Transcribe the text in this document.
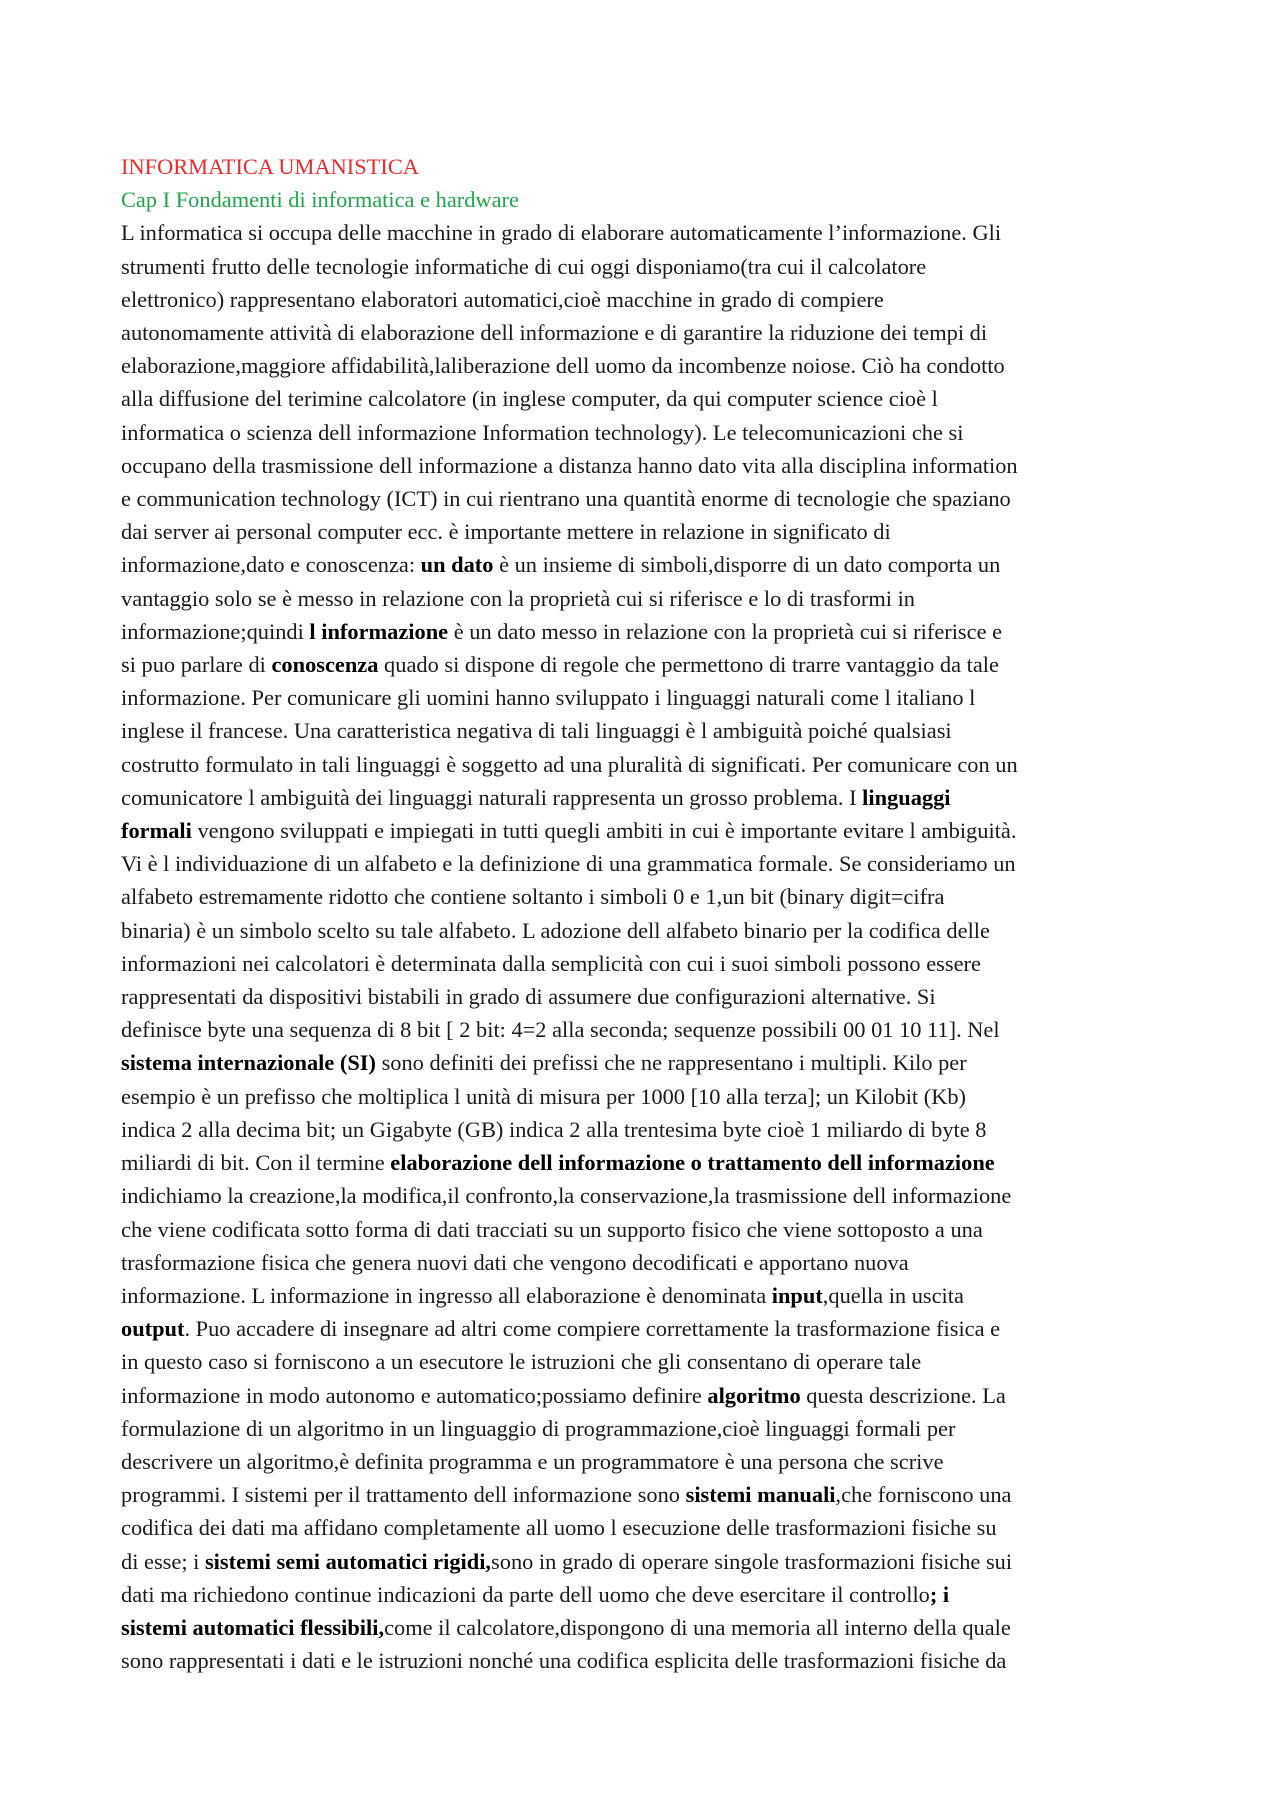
INFORMATICA UMANISTICA
Cap I Fondamenti di informatica e hardware
L informatica si occupa delle macchine in grado di elaborare automaticamente l’informazione. Gli
strumenti frutto delle tecnologie informatiche di cui oggi disponiamo(tra cui il calcolatore
elettronico) rappresentano elaboratori automatici,cioè macchine in grado di compiere
autonomamente attività di elaborazione dell informazione e di garantire la riduzione dei tempi di
elaborazione,maggiore affidabilità,laliberazione dell uomo da incombenze noiose. Ciò ha condotto
alla diffusione del terimine calcolatore (in inglese computer, da qui computer science cioè l
informatica o scienza dell informazione Information technology). Le telecomunicazioni che si
occupano della trasmissione dell informazione a distanza hanno dato vita alla disciplina information
e communication technology (ICT) in cui rientrano una quantità enorme di tecnologie che spaziano
dai server ai personal computer ecc. è importante mettere in relazione in significato di
informazione,dato e conoscenza: un dato è un insieme di simboli,disporre di un dato comporta un
vantaggio solo se è messo in relazione con la proprietà cui si riferisce e lo di trasformi in
informazione;quindi l informazione è un dato messo in relazione con la proprietà cui si riferisce e
si puo parlare di conoscenza quado si dispone di regole che permettono di trarre vantaggio da tale
informazione. Per comunicare gli uomini hanno sviluppato i linguaggi naturali come l italiano l
inglese il francese. Una caratteristica negativa di tali linguaggi è l ambiguità poiché qualsiasi
costrutto formulato in tali linguaggi è soggetto ad una pluralità di significati. Per comunicare con un
comunicatore l ambiguità dei linguaggi naturali rappresenta un grosso problema. I linguaggi
formali vengono sviluppati e impiegati in tutti quegli ambiti in cui è importante evitare l ambiguità.
Vi è l individuazione di un alfabeto e la definizione di una grammatica formale. Se consideriamo un
alfabeto estremamente ridotto che contiene soltanto i simboli 0 e 1,un bit (binary digit=cifra
binaria) è un simbolo scelto su tale alfabeto. L adozione dell alfabeto binario per la codifica delle
informazioni nei calcolatori è determinata dalla semplicità con cui i suoi simboli possono essere
rappresentati da dispositivi bistabili in grado di assumere due configurazioni alternative. Si
definisce byte una sequenza di 8 bit [ 2 bit: 4=2 alla seconda; sequenze possibili 00 01 10 11]. Nel
sistema internazionale (SI) sono definiti dei prefissi che ne rappresentano i multipli. Kilo per
esempio è un prefisso che moltiplica l unità di misura per 1000 [10 alla terza]; un Kilobit (Kb)
indica 2 alla decima bit; un Gigabyte (GB) indica 2 alla trentesima byte cioè 1 miliardo di byte 8
miliardi di bit. Con il termine elaborazione dell informazione o trattamento dell informazione
indichiamo la creazione,la modifica,il confronto,la conservazione,la trasmissione dell informazione
che viene codificata sotto forma di dati tracciati su un supporto fisico che viene sottoposto a una
trasformazione fisica che genera nuovi dati che vengono decodificati e apportano nuova
informazione. L informazione in ingresso all elaborazione è denominata input,quella in uscita
output. Puo accadere di insegnare ad altri come compiere correttamente la trasformazione fisica e
in questo caso si forniscono a un esecutore le istruzioni che gli consentano di operare tale
informazione in modo autonomo e automatico;possiamo definire algoritmo questa descrizione. La
formulazione di un algoritmo in un linguaggio di programmazione,cioè linguaggi formali per
descrivere un algoritmo,è definita programma e un programmatore è una persona che scrive
programmi. I sistemi per il trattamento dell informazione sono sistemi manuali,che forniscono una
codifica dei dati ma affidano completamente all uomo l esecuzione delle trasformazioni fisiche su
di esse; i sistemi semi automatici rigidi,sono in grado di operare singole trasformazioni fisiche sui
dati ma richiedono continue indicazioni da parte dell uomo che deve esercitare il controllo; i
sistemi automatici flessibili,come il calcolatore,dispongono di una memoria all interno della quale
sono rappresentati i dati e le istruzioni nonché una codifica esplicita delle trasformazioni fisiche da
